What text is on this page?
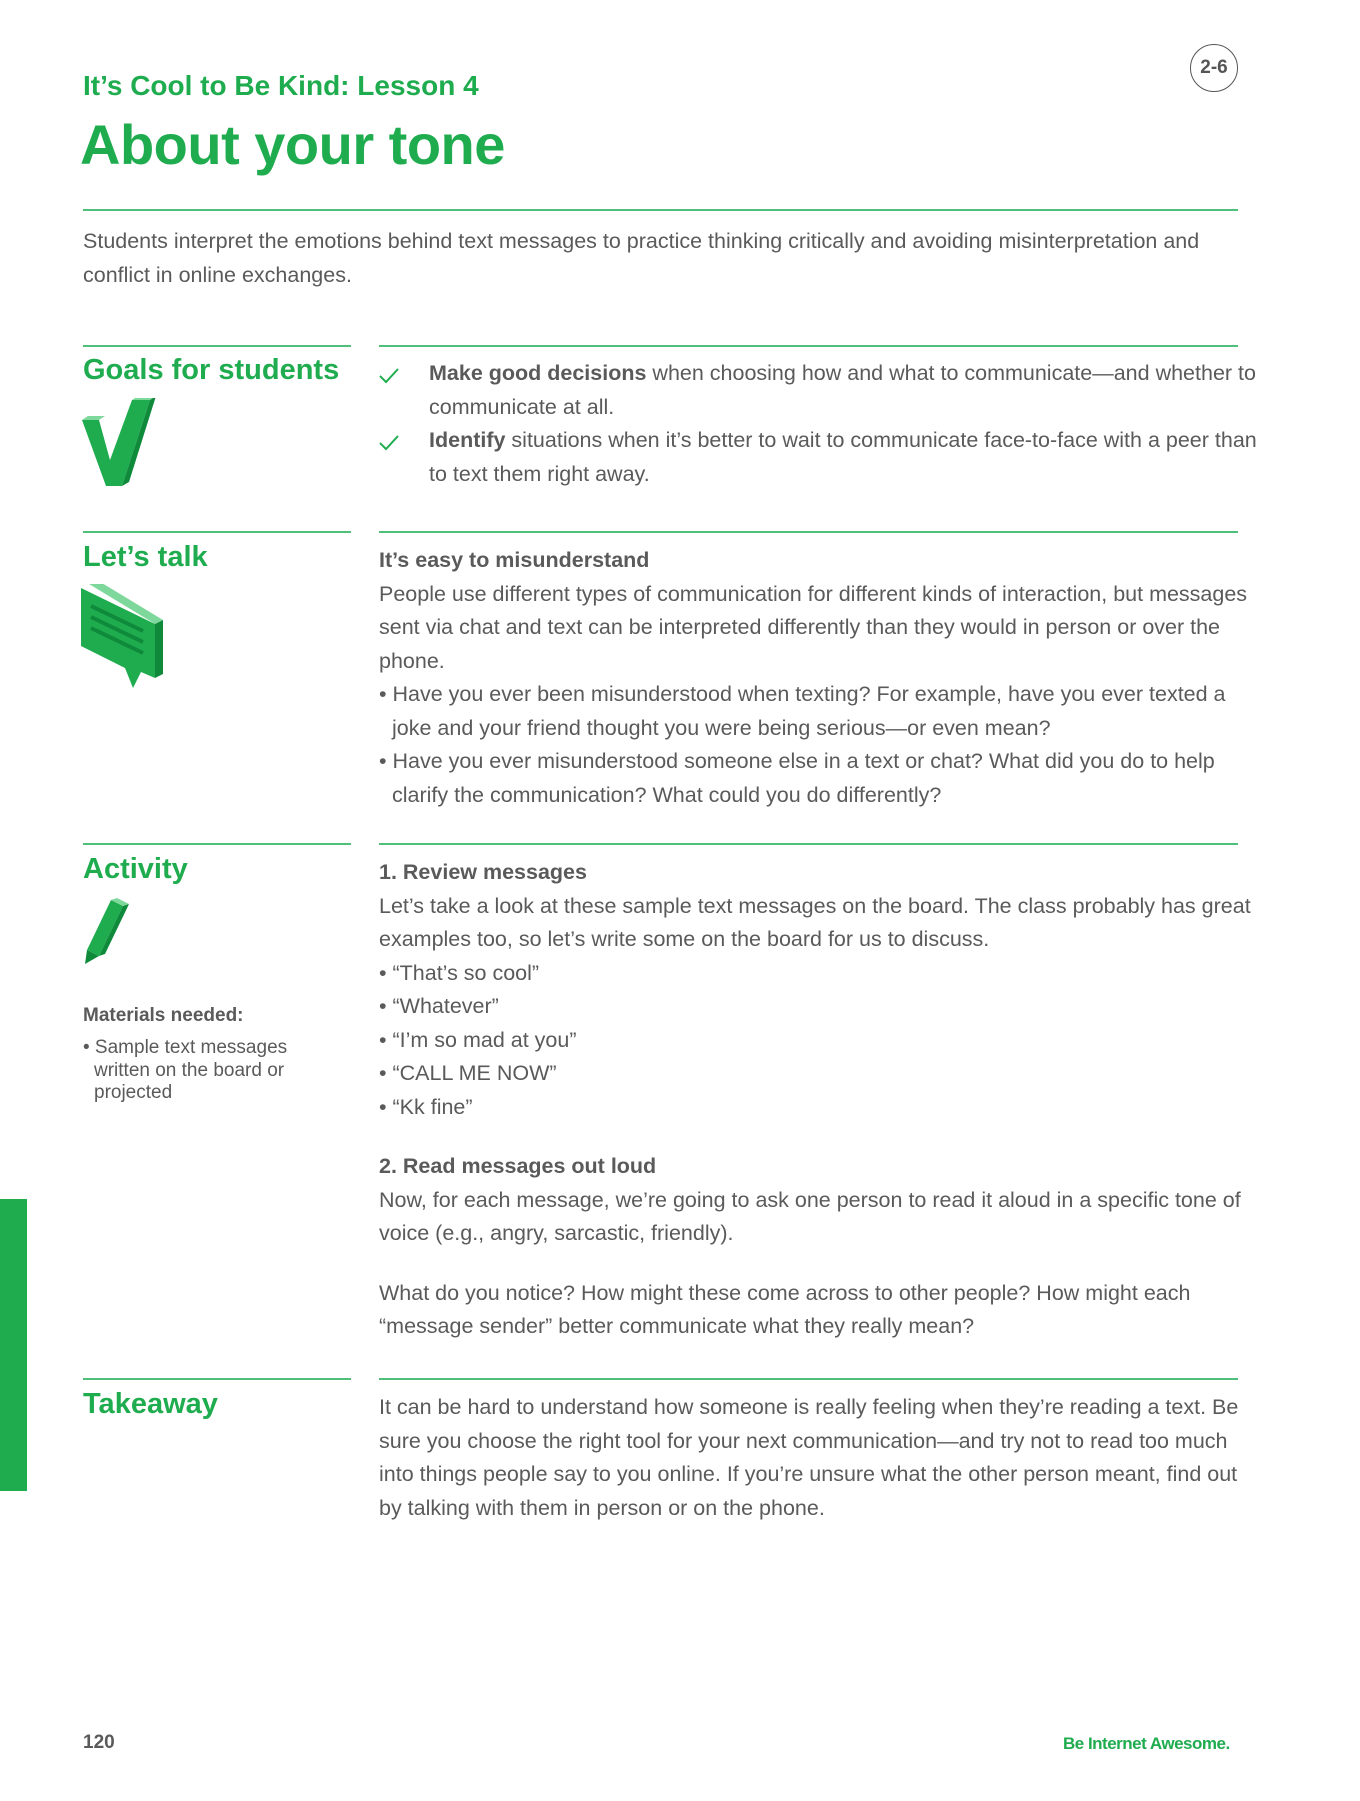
It’s Cool to Be Kind: Lesson 4
About your tone
2-6
Students interpret the emotions behind text messages to practice thinking critically and avoiding misinterpretation and conflict in online exchanges.
Goals for students	Make good decisions when choosing how and what to communicate—and whether to communicate at all.
Identify situations when it’s better to wait to communicate face-to-face with a peer than to text them right away.
Let’s talk	It’s easy to misunderstand
People use different types of communication for different kinds of interaction, but messages sent via chat and text can be interpreted differently than they would in person or over the phone.
• Have you ever been misunderstood when texting? For example, have you ever texted a joke and your friend thought you were being serious—or even mean?
• Have you ever misunderstood someone else in a text or chat? What did you do to help clarify the communication? What could you do differently?
Activity
Materials needed:
• Sample text messages written on the board or projected
1. Review messages
Let’s take a look at these sample text messages on the board. The class probably has great examples too, so let’s write some on the board for us to discuss.
• “That’s so cool”
• “Whatever”
• “I’m so mad at you”
• “CALL ME NOW”
• “Kk fine”
2. Read messages out loud
Now, for each message, we’re going to ask one person to read it aloud in a specific tone of voice (e.g., angry, sarcastic, friendly).
What do you notice? How might these come across to other people? How might each “message sender” better communicate what they really mean?
Takeaway	It can be hard to understand how someone is really feeling when they’re reading a text. Be sure you choose the right tool for your next communication—and try not to read too much into things people say to you online. If you’re unsure what the other person meant, find out by talking with them in person or on the phone.
120	Be Internet Awesome.
